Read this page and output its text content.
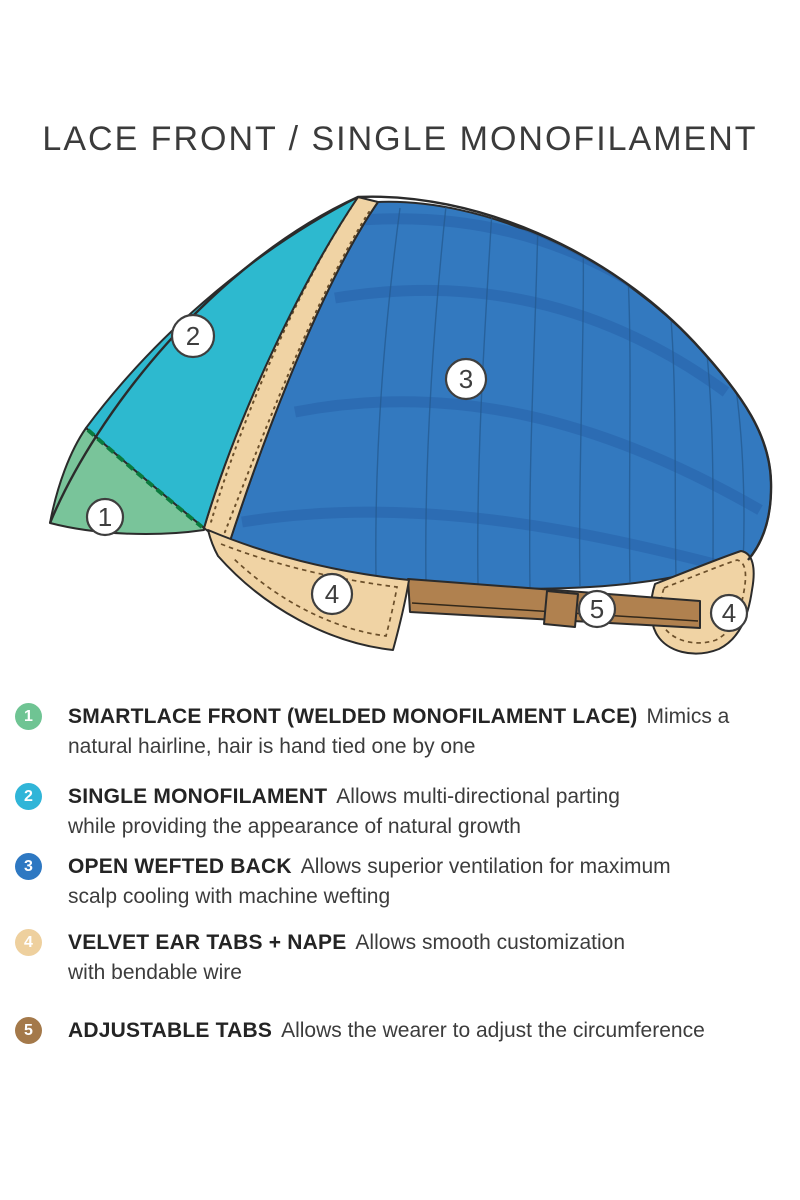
LACE FRONT / SINGLE MONOFILAMENT
1
2
3
4	5	4
1	SMARTLACE FRONT (WELDED MONOFILAMENT LACE) Mimics a
natural hairline, hair is hand tied one by one
2	SINGLE MONOFILAMENT Allows multi-directional parting
while providing the appearance of natural growth
3	OPEN WEFTED BACK Allows superior ventilation for maximum
scalp cooling with machine wefting
4	VELVET EAR TABS + NAPE Allows smooth customization
with bendable wire
5	ADJUSTABLE TABS Allows the wearer to adjust the circumference
